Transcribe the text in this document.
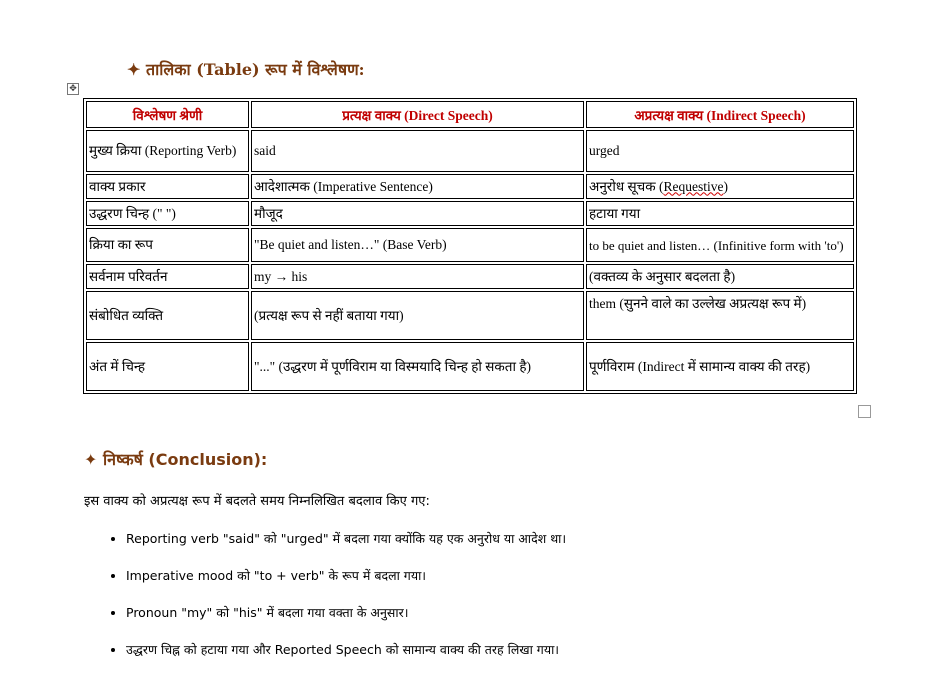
✦ तालिका (Table) रूप में विश्लेषण:
✥
विश्लेषण श्रेणी	प्रत्यक्ष वाक्य (Direct Speech)	अप्रत्यक्ष वाक्य (Indirect Speech)
मुख्य क्रिया (Reporting Verb)	said	urged
वाक्य प्रकार	आदेशात्मक (Imperative Sentence)	अनुरोध सूचक (Requestive)
उद्धरण चिन्ह (" ")	मौजूद	हटाया गया
क्रिया का रूप	"Be quiet and listen…" (Base Verb)	to be quiet and listen… (Infinitive form with 'to')
सर्वनाम परिवर्तन	my → his	(वक्तव्य के अनुसार बदलता है)
संबोधित व्यक्ति	(प्रत्यक्ष रूप से नहीं बताया गया)	them (सुनने वाले का उल्लेख अप्रत्यक्ष रूप में)
अंत में चिन्ह	"..." (उद्धरण में पूर्णविराम या विस्मयादि चिन्ह हो सकता है)	पूर्णविराम (Indirect में सामान्य वाक्य की तरह)
✦ निष्कर्ष (Conclusion):
इस वाक्य को अप्रत्यक्ष रूप में बदलते समय निम्नलिखित बदलाव किए गए:
• Reporting verb "said" को "urged" में बदला गया क्योंकि यह एक अनुरोध या आदेश था।
• Imperative mood को "to + verb" के रूप में बदला गया।
• Pronoun "my" को "his" में बदला गया वक्ता के अनुसार।
• उद्धरण चिह्न को हटाया गया और Reported Speech को सामान्य वाक्य की तरह लिखा गया।
